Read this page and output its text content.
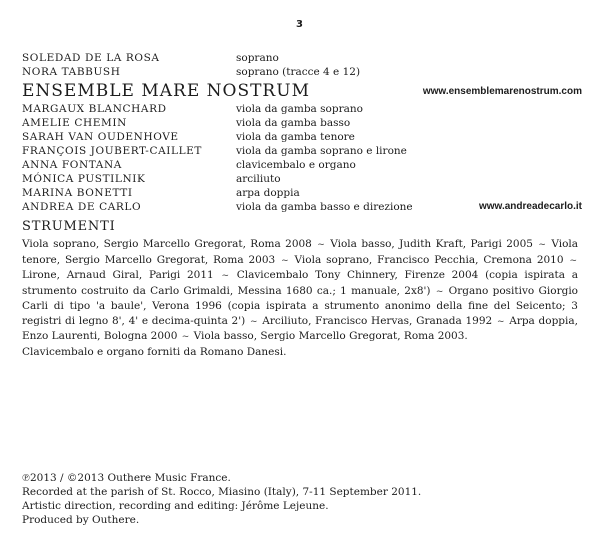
3
SOLEDAD DE LA ROSA	soprano
NORA TABBUSH	soprano (tracce 4 e 12)
ENSEMBLE MARE NOSTRUM	www.ensemblemarenostrum.com
MARGAUX BLANCHARD	viola da gamba soprano
AMELIE CHEMIN	viola da gamba basso
SARAH VAN OUDENHOVE	viola da gamba tenore
FRANÇOIS JOUBERT-CAILLET	viola da gamba soprano e lirone
ANNA FONTANA	clavicembalo e organo
MÓNICA PUSTILNIK	arciliuto
MARINA BONETTI	arpa doppia
ANDREA DE CARLO	viola da gamba basso e direzione	www.andreadecarlo.it
STRUMENTI
Viola soprano, Sergio Marcello Gregorat, Roma 2008 ~ Viola basso, Judith Kraft, Parigi 2005 ~ Viola tenore, Sergio Marcello Gregorat, Roma 2003 ~ Viola soprano, Francisco Pecchia, Cremona 2010 ~ Lirone, Arnaud Giral, Parigi 2011 ~ Clavicembalo Tony Chinnery, Firenze 2004 (copia ispirata a strumento costruito da Carlo Grimaldi, Messina 1680 ca.; 1 manuale, 2x8') ~ Organo positivo Giorgio Carli di tipo 'a baule', Verona 1996 (copia ispirata a strumento anonimo della fine del Seicento; 3 registri di legno 8', 4' e decima-quinta 2') ~ Arciliuto, Francisco Hervas, Granada 1992 ~ Arpa doppia, Enzo Laurenti, Bologna 2000 ~ Viola basso, Sergio Marcello Gregorat, Roma 2003.
Clavicembalo e organo forniti da Romano Danesi.
℗2013 / ©2013 Outhere Music France.
Recorded at the parish of St. Rocco, Miasino (Italy), 7-11 September 2011.
Artistic direction, recording and editing: Jérôme Lejeune.
Produced by Outhere.
